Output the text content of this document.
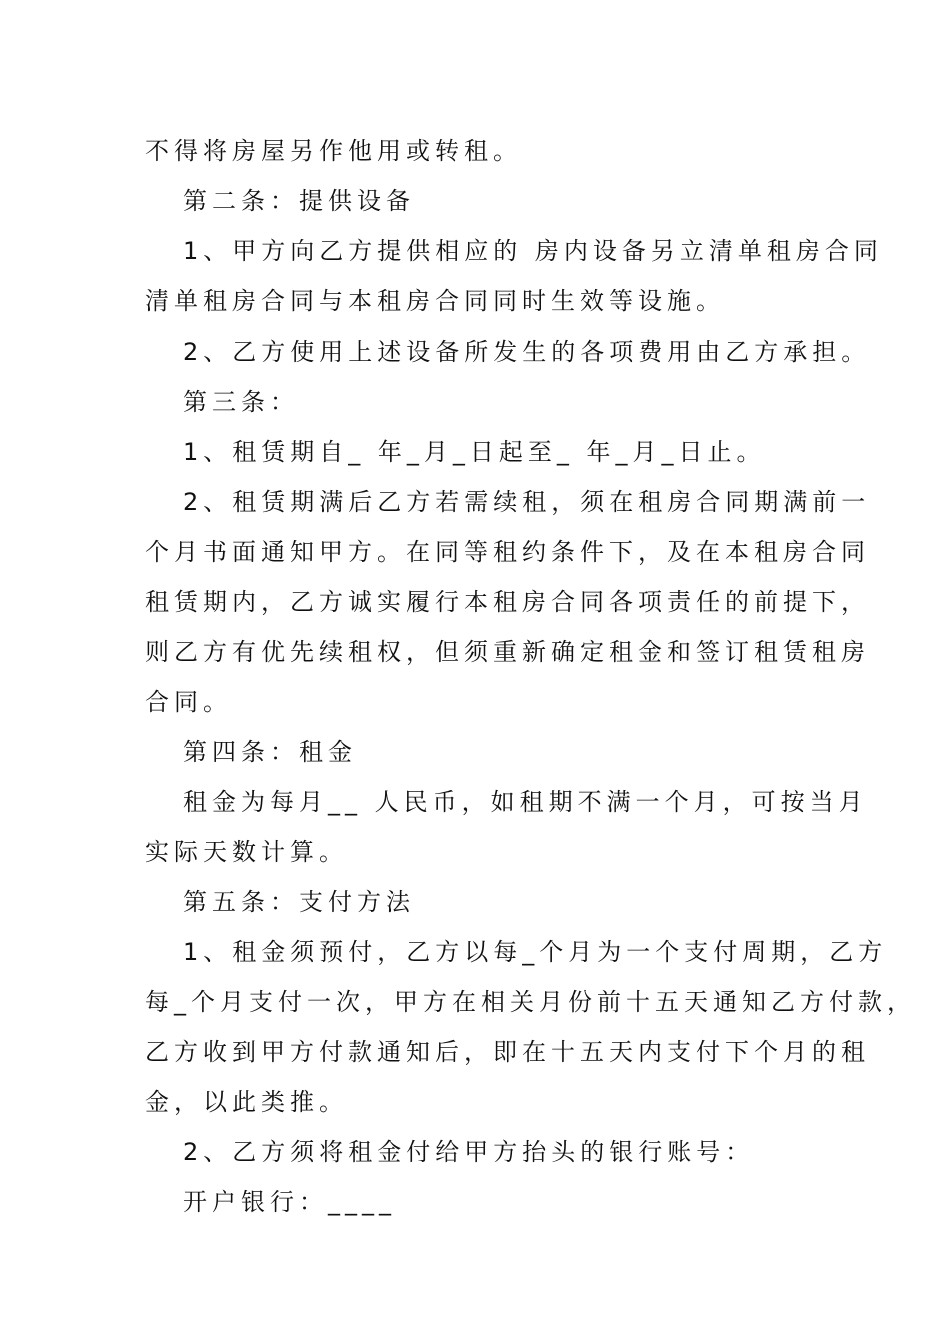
不得将房屋另作他用或转租。
第二条：提供设备
1、甲方向乙方提供相应的 房内设备另立清单租房合同
清单租房合同与本租房合同同时生效等设施。
2、乙方使用上述设备所发生的各项费用由乙方承担。
第三条：
1、租赁期自_ 年_月_日起至_ 年_月_日止。
2、租赁期满后乙方若需续租，须在租房合同期满前一
个月书面通知甲方。在同等租约条件下，及在本租房合同
租赁期内，乙方诚实履行本租房合同各项责任的前提下，
则乙方有优先续租权，但须重新确定租金和签订租赁租房
合同。
第四条：租金
租金为每月__ 人民币，如租期不满一个月，可按当月
实际天数计算。
第五条：支付方法
1、租金须预付，乙方以每_个月为一个支付周期，乙方
每_个月支付一次，甲方在相关月份前十五天通知乙方付款，
乙方收到甲方付款通知后，即在十五天内支付下个月的租
金，以此类推。
2、乙方须将租金付给甲方抬头的银行账号：
开户银行：____
